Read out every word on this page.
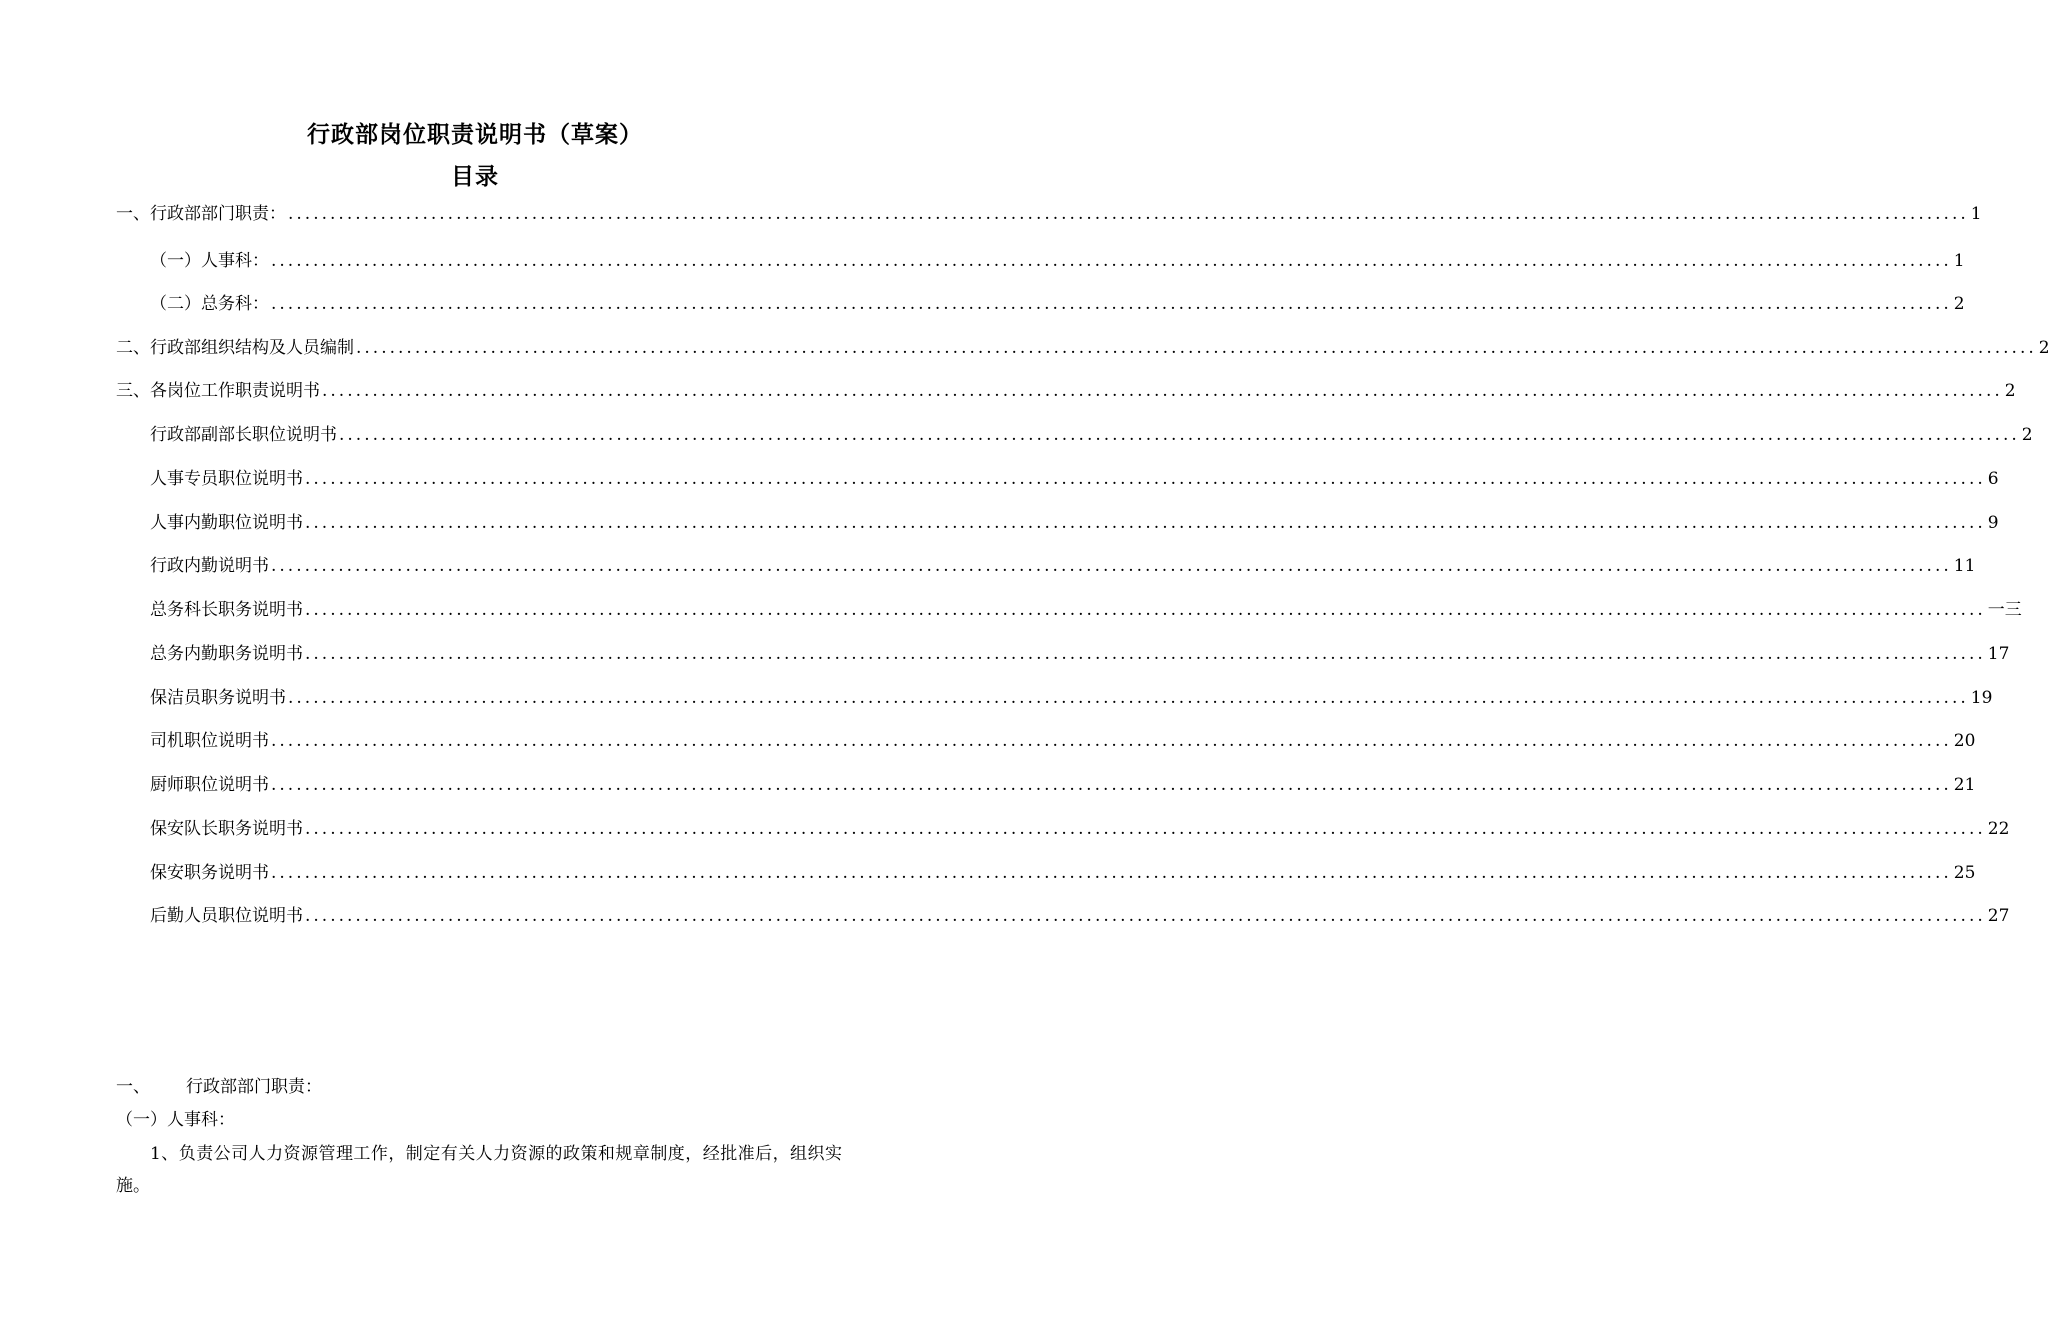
行政部岗位职责说明书（草案）
目录
一、 行政部部门职责： ........................................................................................................................................................................................................ 1
（一）人事科： ........................................................................................................................................................................................................ 1
（二）总务科： ........................................................................................................................................................................................................ 2
二、行政部组织结构及人员编制 ........................................................................................................................................................................................................ 2
三、各岗位工作职责说明书 ........................................................................................................................................................................................................ 2
行政部副部长职位说明书 ........................................................................................................................................................................................................ 2
人事专员职位说明书 ........................................................................................................................................................................................................ 6
人事内勤职位说明书 ........................................................................................................................................................................................................ 9
行政内勤说明书 ........................................................................................................................................................................................................ 11
总务科长职务说明书 ........................................................................................................................................................................................................ 一三
总务内勤职务说明书 ........................................................................................................................................................................................................ 17
保洁员职务说明书 ........................................................................................................................................................................................................ 19
司机职位说明书 ........................................................................................................................................................................................................ 20
厨师职位说明书 ........................................................................................................................................................................................................ 21
保安队长职务说明书 ........................................................................................................................................................................................................ 22
保安职务说明书 ........................................................................................................................................................................................................ 25
后勤人员职位说明书 ........................................................................................................................................................................................................ 27
一、 行政部部门职责：
（一）人事科：
1、负责公司人力资源管理工作，制定有关人力资源的政策和规章制度，经批准后，组织实施。
